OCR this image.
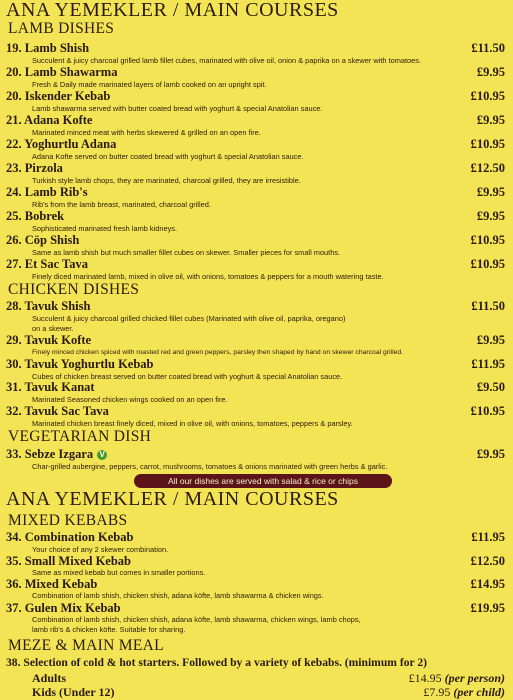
ANA YEMEKLER / MAIN COURSES
LAMB DISHES
19. Lamb Shish	£11.50
Succulent & juicy charcoal grilled lamb fillet cubes, marinated with olive oil, onion & paprika on a skewer with tomatoes.
20. Lamb Shawarma	£9.95
Fresh & Daily made marinated layers of lamb cooked on an upright spit.
20. Iskender Kebab	£10.95
Lamb shawarma served with butter coated bread with yoghurt & special Anatolian sauce.
21. Adana Kofte	£9.95
Marinated minced meat with herbs skewered & grilled on an open fire.
22. Yoghurtlu Adana	£10.95
Adana Kofte served on butter coated bread with yoghurt & special Anatolian sauce.
23. Pirzola	£12.50
Turkish style lamb chops, they are marinated, charcoal grilled, they are irresistible.
24. Lamb Rib's	£9.95
Rib's from the lamb breast, marinated, charcoal grilled.
25. Bobrek	£9.95
Sophisticated marinated fresh lamb kidneys.
26. Cöp Shish	£10.95
Same as lamb shish but much smaller fillet cubes on skewer. Smaller pieces for small mouths.
27. Et Sac Tava	£10.95
Finely diced marinated lamb, mixed in olive oil, with onions, tomatoes & peppers for a mouth watering taste.
CHICKEN DISHES
28. Tavuk Shish	£11.50
Succulent & juicy charcoal grilled chicked fillet cubes (Marinated with olive oil, paprika, oregano)
on a skewer.
29. Tavuk Kofte	£9.95
Finely minced chicken spiced with roasted red and green peppers, parsley then shaped by hand on skewer charcoal grilled.
30. Tavuk Yoghurtlu Kebab	£11.95
Cubes of chicken breast served on butter coated bread with yoghurt & special Anatolian sauce.
31. Tavuk Kanat	£9.50
Marinated Seasoned chicken wings cooked on an open fire.
32. Tavuk Sac Tava	£10.95
Marinated chicken breast finely diced, mixed in olive oil, with onions, tomatoes, peppers & parsley.
VEGETARIAN DISH
33. Sebze Izgara V	£9.95
Char-grilled aubergine, peppers, carrot, mushrooms, tomatoes & onions marinated with green herbs & garlic.
All our dishes are served with salad & rice or chips
ANA YEMEKLER / MAIN COURSES
MIXED KEBABS
34. Combination Kebab	£11.95
Your choice of any 2 skewer combination.
35. Small Mixed Kebab	£12.50
Same as mixed kebab but comes in smaller portions.
36. Mixed Kebab	£14.95
Combination of lamb shish, chicken shish, adana köfte, lamb shawarma & chicken wings.
37. Gulen Mix Kebab	£19.95
Combination of lamb shish, chicken shish, adana köfte, lamb shawarma, chicken wings, lamb chops,
lamb rib's & chicken köfte. Suitable for sharing.
MEZE & MAIN MEAL
38. Selection of cold & hot starters. Followed by a variety of kebabs. (minimum for 2)
Adults	£14.95 (per person)
Kids (Under 12)	£7.95 (per child)
